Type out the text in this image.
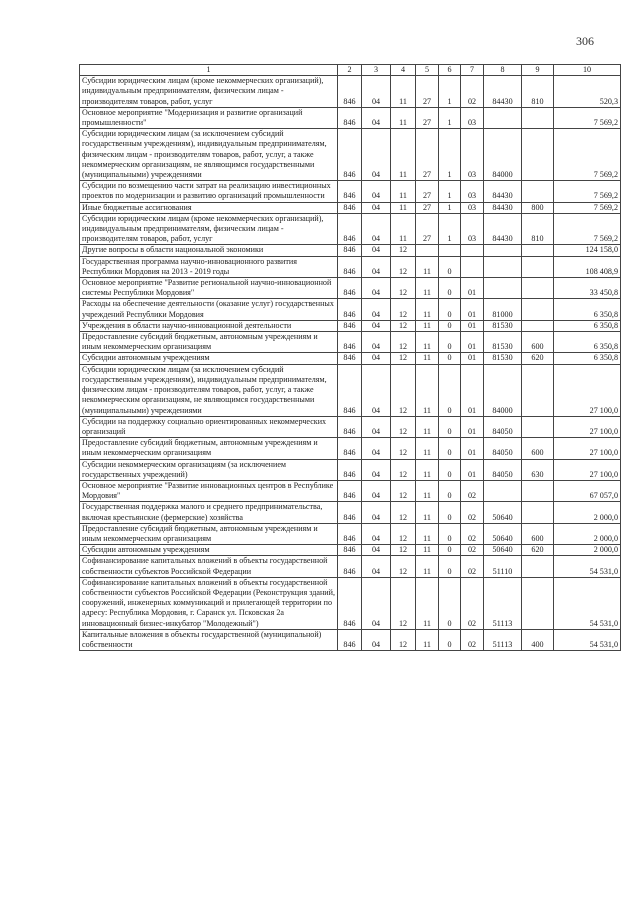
306
1	2	3	4	5	6	7	8	9	10
Субсидии юридическим лицам (кроме некоммерческих организаций), индивидуальным предпринимателям, физическим лицам - производителям товаров, работ, услуг	846	04	11	27	1	02	84430	810	520,3
Основное мероприятие "Модернизация и развитие организаций промышленности"	846	04	11	27	1	03			7 569,2
Субсидии юридическим лицам (за исключением субсидий государственным учреждениям), индивидуальным предпринимателям, физическим лицам - производителям товаров, работ, услуг, а также некоммерческим организациям, не являющимся государственными (муниципальными) учреждениями	846	04	11	27	1	03	84000		7 569,2
Субсидии по возмещению части затрат на реализацию инвестиционных проектов по модернизации и развитию организаций промышленности	846	04	11	27	1	03	84430		7 569,2
Иные бюджетные ассигнования	846	04	11	27	1	03	84430	800	7 569,2
Субсидии юридическим лицам (кроме некоммерческих организаций), индивидуальным предпринимателям, физическим лицам - производителям товаров, работ, услуг	846	04	11	27	1	03	84430	810	7 569,2
Другие вопросы в области национальной экономики	846	04	12						124 158,0
Государственная программа научно-инновационного развития Республики Мордовия на 2013 - 2019 годы	846	04	12	11	0				108 408,9
Основное мероприятие "Развитие региональной научно-инновационной системы Республики Мордовия"	846	04	12	11	0	01			33 450,8
Расходы на обеспечение деятельности (оказание услуг) государственных учреждений Республики Мордовия	846	04	12	11	0	01	81000		6 350,8
Учреждения в области научно-инновационной деятельности	846	04	12	11	0	01	81530		6 350,8
Предоставление субсидий бюджетным, автономным учреждениям и иным некоммерческим организациям	846	04	12	11	0	01	81530	600	6 350,8
Субсидии автономным учреждениям	846	04	12	11	0	01	81530	620	6 350,8
Субсидии юридическим лицам (за исключением субсидий государственным учреждениям), индивидуальным предпринимателям, физическим лицам - производителям товаров, работ, услуг, а также некоммерческим организациям, не являющимся государственными (муниципальными) учреждениями	846	04	12	11	0	01	84000		27 100,0
Субсидии на поддержку социально ориентированных некоммерческих организаций	846	04	12	11	0	01	84050		27 100,0
Предоставление субсидий бюджетным, автономным учреждениям и иным некоммерческим организациям	846	04	12	11	0	01	84050	600	27 100,0
Субсидии некоммерческим организациям (за исключением государственных учреждений)	846	04	12	11	0	01	84050	630	27 100,0
Основное мероприятие "Развитие инновационных центров в Республике Мордовия"	846	04	12	11	0	02			67 057,0
Государственная поддержка малого и среднего предпринимательства, включая крестьянские (фермерские) хозяйства	846	04	12	11	0	02	50640		2 000,0
Предоставление субсидий бюджетным, автономным учреждениям и иным некоммерческим организациям	846	04	12	11	0	02	50640	600	2 000,0
Субсидии автономным учреждениям	846	04	12	11	0	02	50640	620	2 000,0
Софинансирование капитальных вложений в объекты государственной собственности субъектов Российской Федерации	846	04	12	11	0	02	51110		54 531,0
Софинансирование капитальных вложений в объекты государственной собственности субъектов Российской Федерации (Реконструкция зданий, сооружений, инженерных коммуникаций и прилегающей территории по адресу: Республика Мордовия, г. Саранск ул. Псковская 2а инновационный бизнес-инкубатор "Молодежный")	846	04	12	11	0	02	51113		54 531,0
Капитальные вложения в объекты государственной (муниципальной) собственности	846	04	12	11	0	02	51113	400	54 531,0
